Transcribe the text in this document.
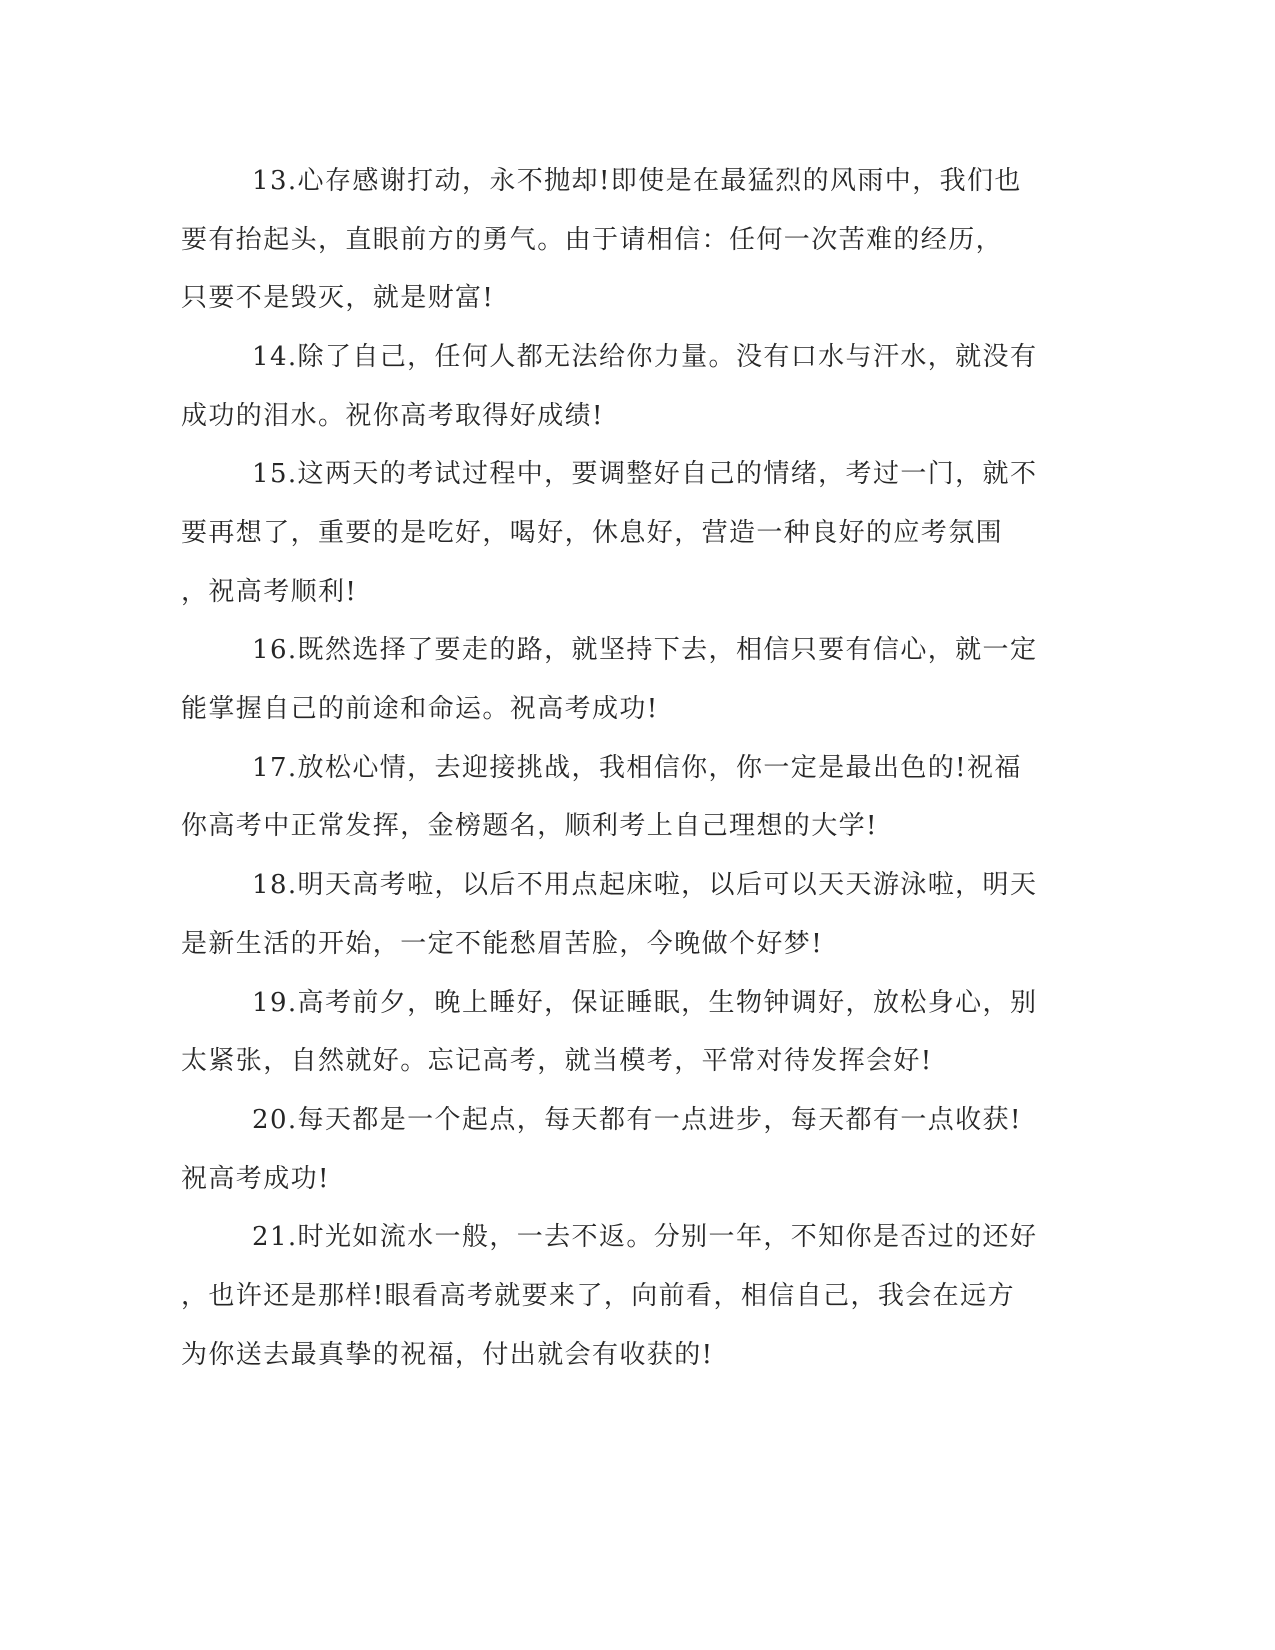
13.心存感谢打动，永不抛却!即使是在最猛烈的风雨中，我们也
要有抬起头，直眼前方的勇气。由于请相信：任何一次苦难的经历，
只要不是毁灭，就是财富!
14.除了自己，任何人都无法给你力量。没有口水与汗水，就没有
成功的泪水。祝你高考取得好成绩!
15.这两天的考试过程中，要调整好自己的情绪，考过一门，就不
要再想了，重要的是吃好，喝好，休息好，营造一种良好的应考氛围
，祝高考顺利!
16.既然选择了要走的路，就坚持下去，相信只要有信心，就一定
能掌握自己的前途和命运。祝高考成功!
17.放松心情，去迎接挑战，我相信你，你一定是最出色的!祝福
你高考中正常发挥，金榜题名，顺利考上自己理想的大学!
18.明天高考啦，以后不用点起床啦，以后可以天天游泳啦，明天
是新生活的开始，一定不能愁眉苦脸，今晚做个好梦!
19.高考前夕，晚上睡好，保证睡眠，生物钟调好，放松身心，别
太紧张，自然就好。忘记高考，就当模考，平常对待发挥会好!
20.每天都是一个起点，每天都有一点进步，每天都有一点收获!
祝高考成功!
21.时光如流水一般，一去不返。分别一年，不知你是否过的还好
，也许还是那样!眼看高考就要来了，向前看，相信自己，我会在远方
为你送去最真挚的祝福，付出就会有收获的!
